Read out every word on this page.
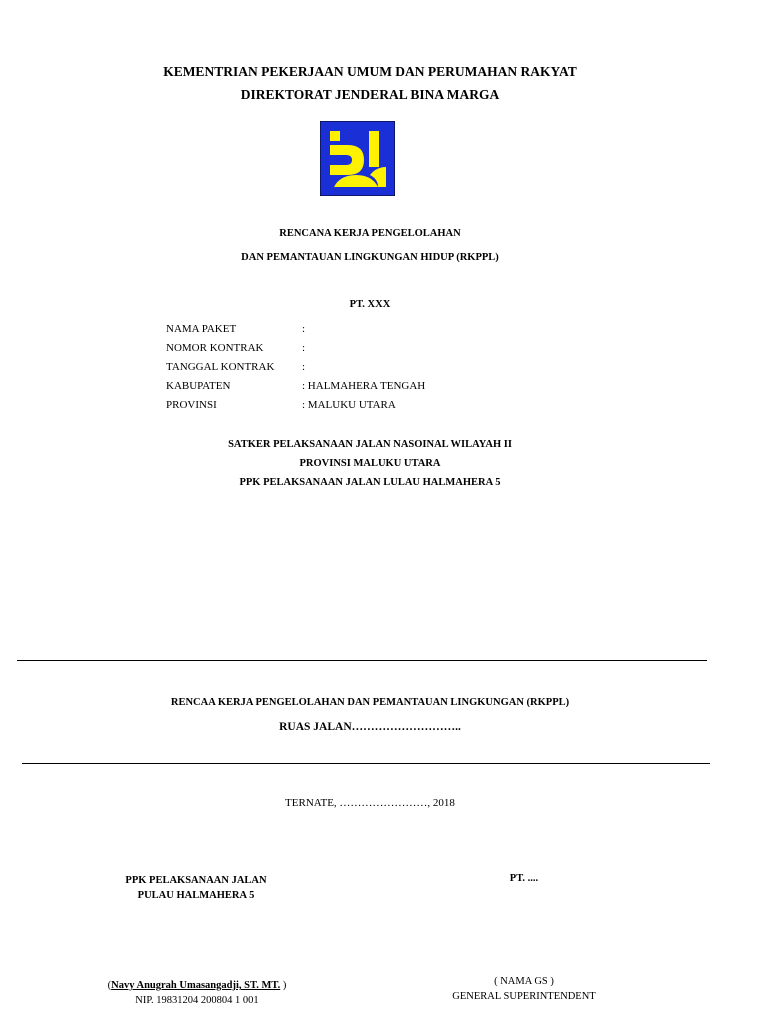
KEMENTRIAN PEKERJAAN UMUM DAN PERUMAHAN RAKYAT
DIREKTORAT JENDERAL BINA MARGA
RENCANA KERJA PENGELOLAHAN
DAN PEMANTAUAN LINGKUNGAN HIDUP (RKPPL)
PT. XXX
NAMA PAKET	:
NOMOR KONTRAK	:
TANGGAL KONTRAK	:
KABUPATEN	: HALMAHERA TENGAH
PROVINSI	: MALUKU UTARA
SATKER PELAKSANAAN JALAN NASOINAL WILAYAH II
PROVINSI MALUKU UTARA
PPK PELAKSANAAN JALAN LULAU HALMAHERA 5
RENCAA KERJA PENGELOLAHAN DAN PEMANTAUAN LINGKUNGAN (RKPPL)
RUAS JALAN………………………..
TERNATE, ……………………, 2018
PPK PELAKSANAAN JALAN
PULAU HALMAHERA 5
PT. ....
(Navy Anugrah Umasangadji, ST. MT. )
NIP. 19831204 200804 1 001
( NAMA GS )
GENERAL SUPERINTENDENT
